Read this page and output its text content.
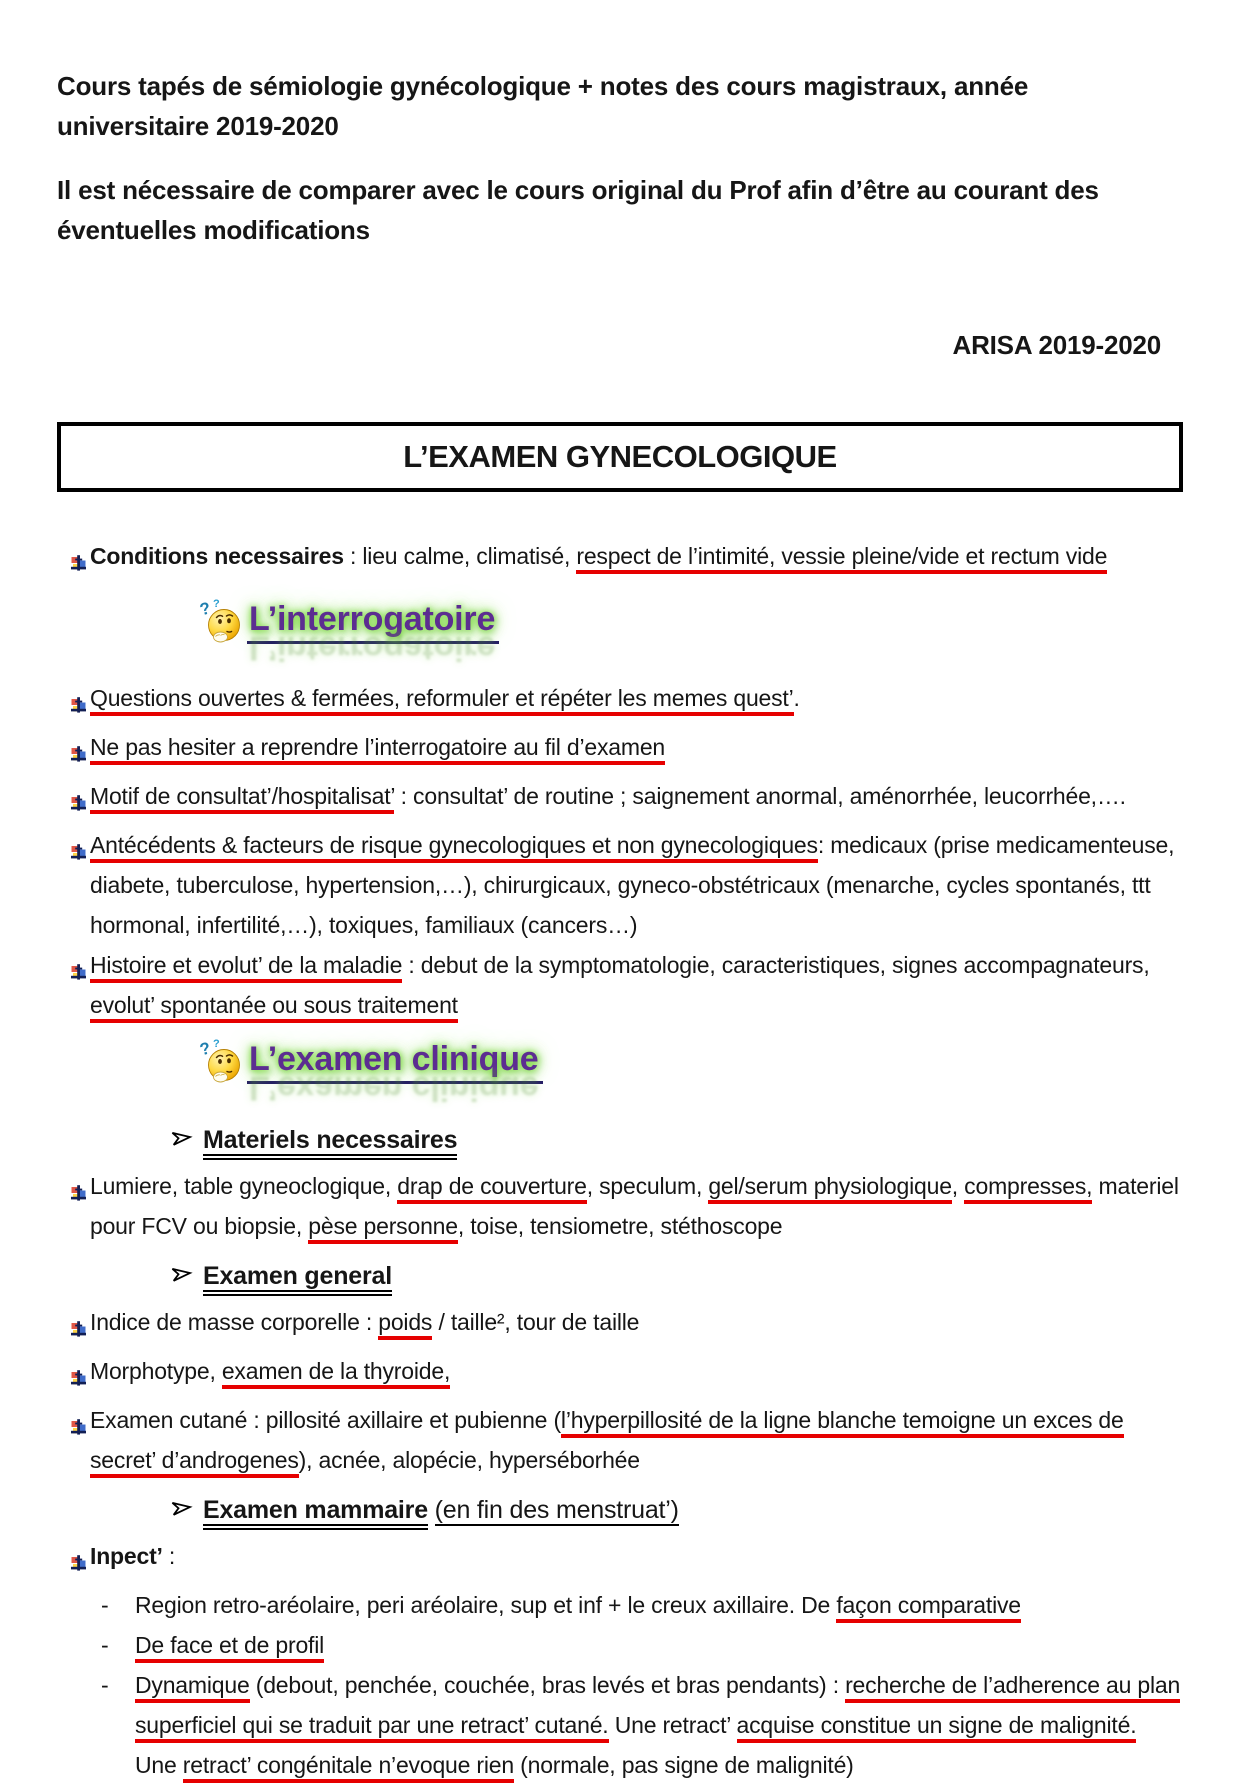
Cours tapés de sémiologie gynécologique + notes des cours magistraux, année universitaire 2019-2020

Il est nécessaire de comparer avec le cours original du Prof afin d’être au courant des éventuelles modifications

ARISA 2019-2020
L’EXAMEN GYNECOLOGIQUE
Conditions necessaires : lieu calme, climatisé, respect de l’intimité, vessie pleine/vide et rectum vide
? ? L’interrogatoire
L’interrogatoire
Questions ouvertes & fermées, reformuler et répéter les memes quest’.
Ne pas hesiter a reprendre l’interrogatoire au fil d’examen
Motif de consultat’/hospitalisat’ : consultat’ de routine ; saignement anormal, aménorrhée, leucorrhée,….
Antécédents & facteurs de risque gynecologiques et non gynecologiques: medicaux (prise medicamenteuse, diabete, tuberculose, hypertension,…), chirurgicaux, gyneco-obstétricaux (menarche, cycles spontanés, ttt hormonal, infertilité,…), toxiques, familiaux (cancers…)
Histoire et evolut’ de la maladie : debut de la symptomatologie, caracteristiques, signes accompagnateurs, evolut’ spontanée ou sous traitement
? ? L’examen clinique
L’examen clinique
Materiels necessaires
Lumiere, table gyneoclogique, drap de couverture, speculum, gel/serum physiologique, compresses, materiel pour FCV ou biopsie, pèse personne, toise, tensiometre, stéthoscope
Examen general
Indice de masse corporelle : poids / taille², tour de taille
Morphotype, examen de la thyroide,
Examen cutané : pillosité axillaire et pubienne (l’hyperpillosité de la ligne blanche temoigne un exces de secret’ d’androgenes), acnée, alopécie, hyperséborhée
Examen mammaire (en fin des menstruat’)
Inpect’ :
-	Region retro-aréolaire, peri aréolaire, sup et inf + le creux axillaire. De façon comparative
-	De face et de profil
-	Dynamique (debout, penchée, couchée, bras levés et bras pendants) : recherche de l’adherence au plan superficiel qui se traduit par une retract’ cutané. Une retract’ acquise constitue un signe de malignité. Une retract’ congénitale n’evoque rien (normale, pas signe de malignité)
